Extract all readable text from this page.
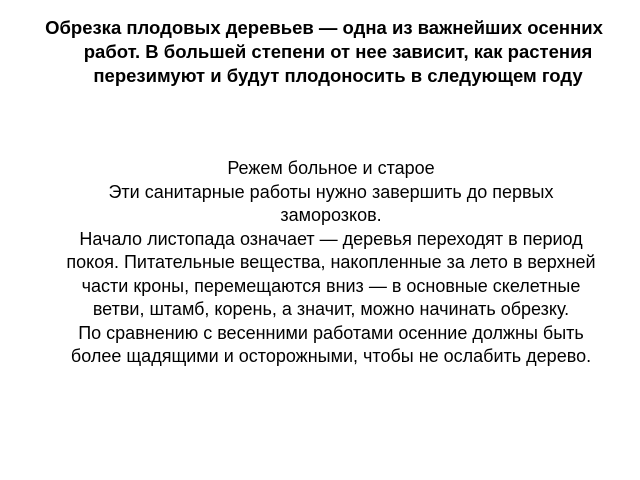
Обрезка плодовых деревьев — одна из важнейших осенних работ. В большей степени от нее зависит, как растения перезимуют и будут плодоносить в следующем году

Режем больное и старое

Эти санитарные работы нужно завершить до первых заморозков.

Начало листопада означает — деревья переходят в период покоя. Питательные вещества, накопленные за лето в верхней части кроны, перемещаются вниз — в основные скелетные ветви, штамб, корень, а значит, можно начинать обрезку.

По сравнению с весенними работами осенние должны быть более щадящими и осторожными, чтобы не ослабить дерево.
